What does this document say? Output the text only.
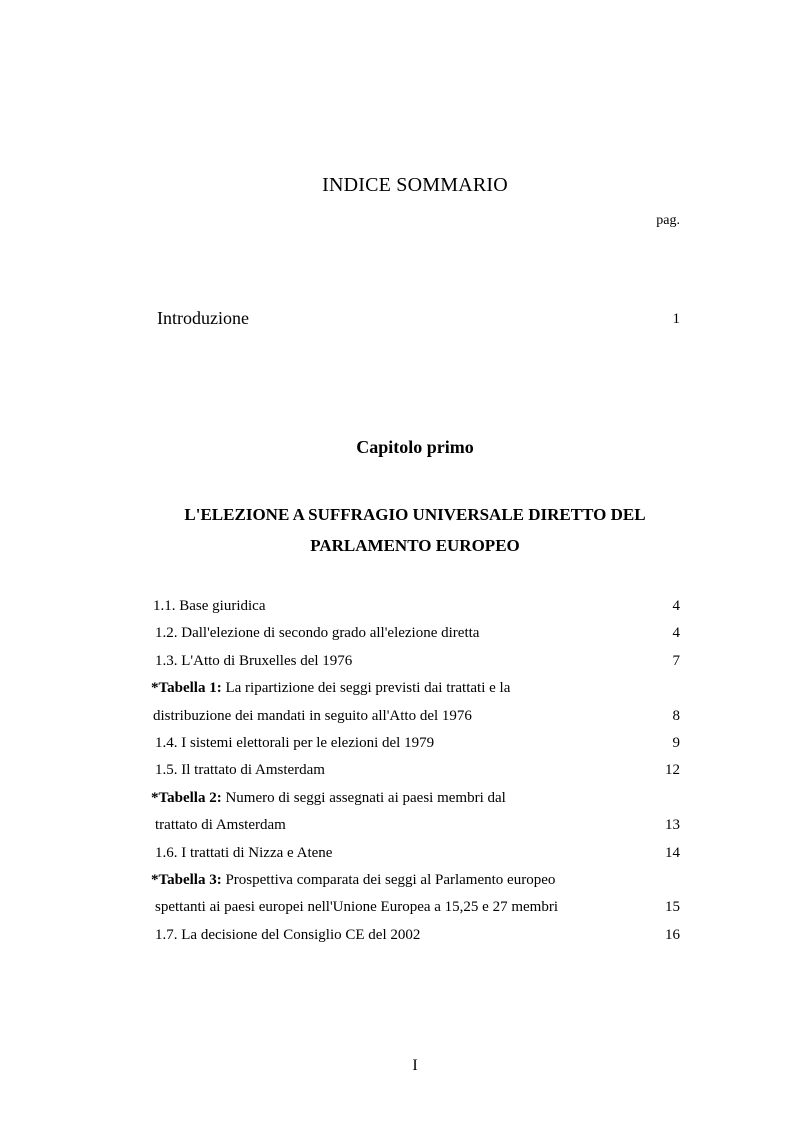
INDICE SOMMARIO
pag.
Introduzione	1
Capitolo primo
L'ELEZIONE A SUFFRAGIO UNIVERSALE DIRETTO DEL
PARLAMENTO EUROPEO
1.1. Base giuridica	4
1.2. Dall'elezione di secondo grado all'elezione diretta	4
1.3. L'Atto di Bruxelles del 1976	7
*Tabella 1: La ripartizione dei seggi previsti dai trattati e la
distribuzione dei mandati in seguito all'Atto del 1976	8
1.4. I sistemi elettorali per le elezioni del 1979	9
1.5. Il trattato di Amsterdam	12
*Tabella 2: Numero di seggi assegnati ai paesi membri dal
trattato di Amsterdam	13
1.6. I trattati di Nizza e Atene	14
*Tabella 3: Prospettiva comparata dei seggi al Parlamento europeo
spettanti ai paesi europei nell'Unione Europea a 15,25 e 27 membri	15
1.7. La decisione del Consiglio CE del 2002	16
I
